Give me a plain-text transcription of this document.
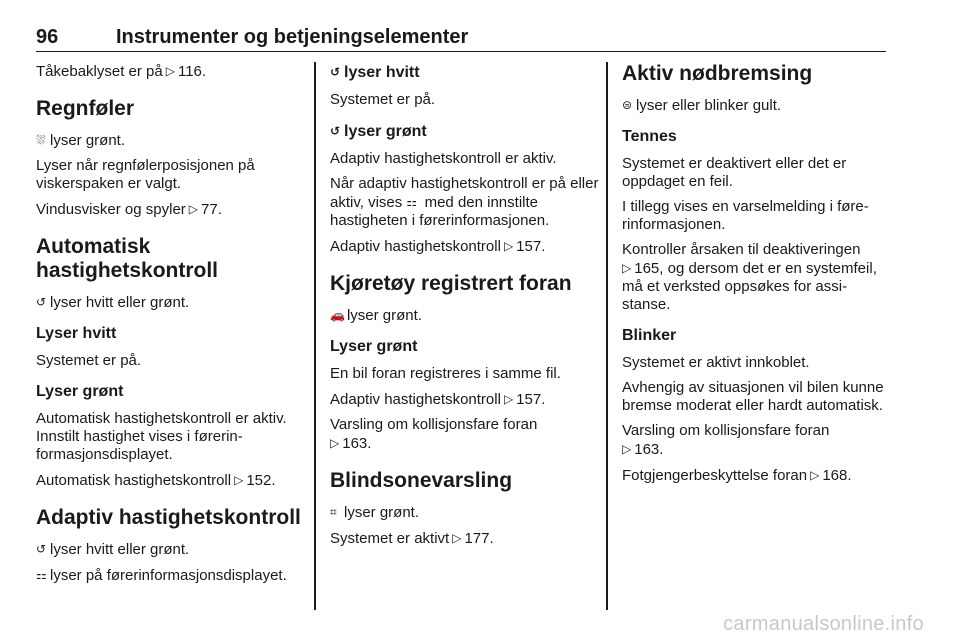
96	Instrumenter og betjeningselementer

Tåkebaklyset er på ▷ 116.

Regnføler

⛆ lyser grønt.

Lyser når regnfølerposisjonen på viskerspaken er valgt.

Vindusvisker og spyler ▷ 77.

Automatisk hastighetskontroll

↺ lyser hvitt eller grønt.

Lyser hvitt

Systemet er på.

Lyser grønt

Automatisk hastighetskontroll er aktiv. Innstilt hastighet vises i førerinformasjonsdisplayet.

Automatisk hastighetskontroll ▷ 152.

Adaptiv hastighetskontroll

↺ lyser hvitt eller grønt.

⚏ lyser på førerinformasjonsdisplayet.

↺ lyser hvitt

Systemet er på.

↺ lyser grønt

Adaptiv hastighetskontroll er aktiv.

Når adaptiv hastighetskontroll er på eller aktiv, vises ⚏ med den innstilte hastigheten i førerinformasjonen.

Adaptiv hastighetskontroll ▷ 157.

Kjøretøy registrert foran

🚗 lyser grønt.

Lyser grønt

En bil foran registreres i samme fil.

Adaptiv hastighetskontroll ▷ 157.

Varsling om kollisjonsfare foran
▷ 163.

Blindsonevarsling

⌗ lyser grønt.

Systemet er aktivt ▷ 177.

Aktiv nødbremsing

⊜ lyser eller blinker gult.

Tennes

Systemet er deaktivert eller det er oppdaget en feil.

I tillegg vises en varselmelding i førerinformasjonen.

Kontroller årsaken til deaktiveringen
▷ 165, og dersom det er en systemfeil, må et verksted oppsøkes for assistanse.

Blinker

Systemet er aktivt innkoblet.

Avhengig av situasjonen vil bilen kunne bremse moderat eller hardt automatisk.

Varsling om kollisjonsfare foran
▷ 163.

Fotgjengerbeskyttelse foran ▷ 168.

carmanualsonline.info
